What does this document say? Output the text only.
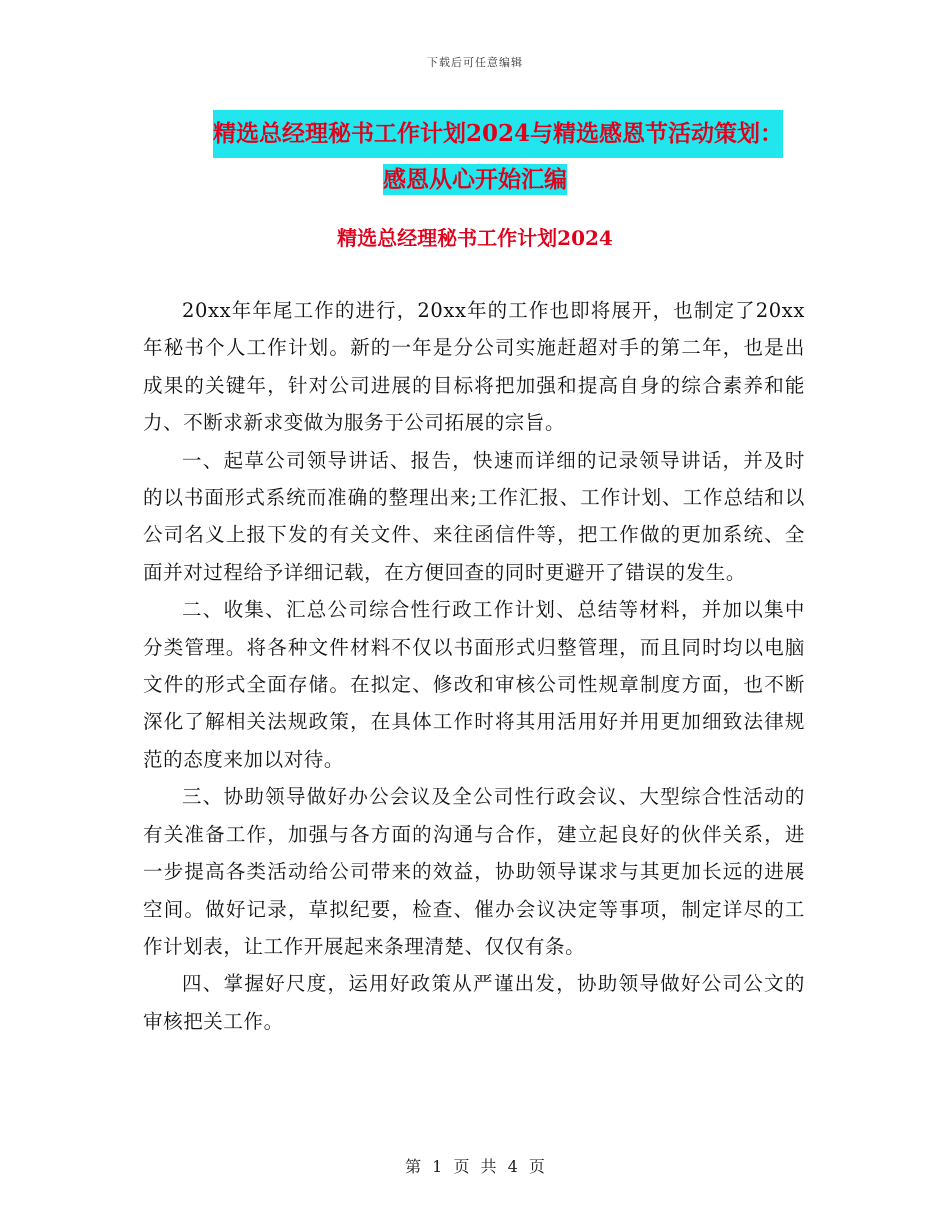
下载后可任意编辑
精选总经理秘书工作计划2024与精选感恩节活动策划：
感恩从心开始汇编
精选总经理秘书工作计划2024

20xx年年尾工作的进行，20xx年的工作也即将展开，也制定了20xx年秘书个人工作计划。新的一年是分公司实施赶超对手的第二年，也是出成果的关键年，针对公司进展的目标将把加强和提高自身的综合素养和能力、不断求新求变做为服务于公司拓展的宗旨。

一、起草公司领导讲话、报告，快速而详细的记录领导讲话，并及时的以书面形式系统而准确的整理出来;工作汇报、工作计划、工作总结和以公司名义上报下发的有关文件、来往函信件等，把工作做的更加系统、全面并对过程给予详细记载，在方便回查的同时更避开了错误的发生。

二、收集、汇总公司综合性行政工作计划、总结等材料，并加以集中分类管理。将各种文件材料不仅以书面形式归整管理，而且同时均以电脑文件的形式全面存储。在拟定、修改和审核公司性规章制度方面，也不断深化了解相关法规政策，在具体工作时将其用活用好并用更加细致法律规范的态度来加以对待。

三、协助领导做好办公会议及全公司性行政会议、大型综合性活动的有关准备工作，加强与各方面的沟通与合作，建立起良好的伙伴关系，进一步提高各类活动给公司带来的效益，协助领导谋求与其更加长远的进展空间。做好记录，草拟纪要，检查、催办会议决定等事项，制定详尽的工作计划表，让工作开展起来条理清楚、仅仅有条。

四、掌握好尺度，运用好政策从严谨出发，协助领导做好公司公文的审核把关工作。

第 1 页 共 4 页
